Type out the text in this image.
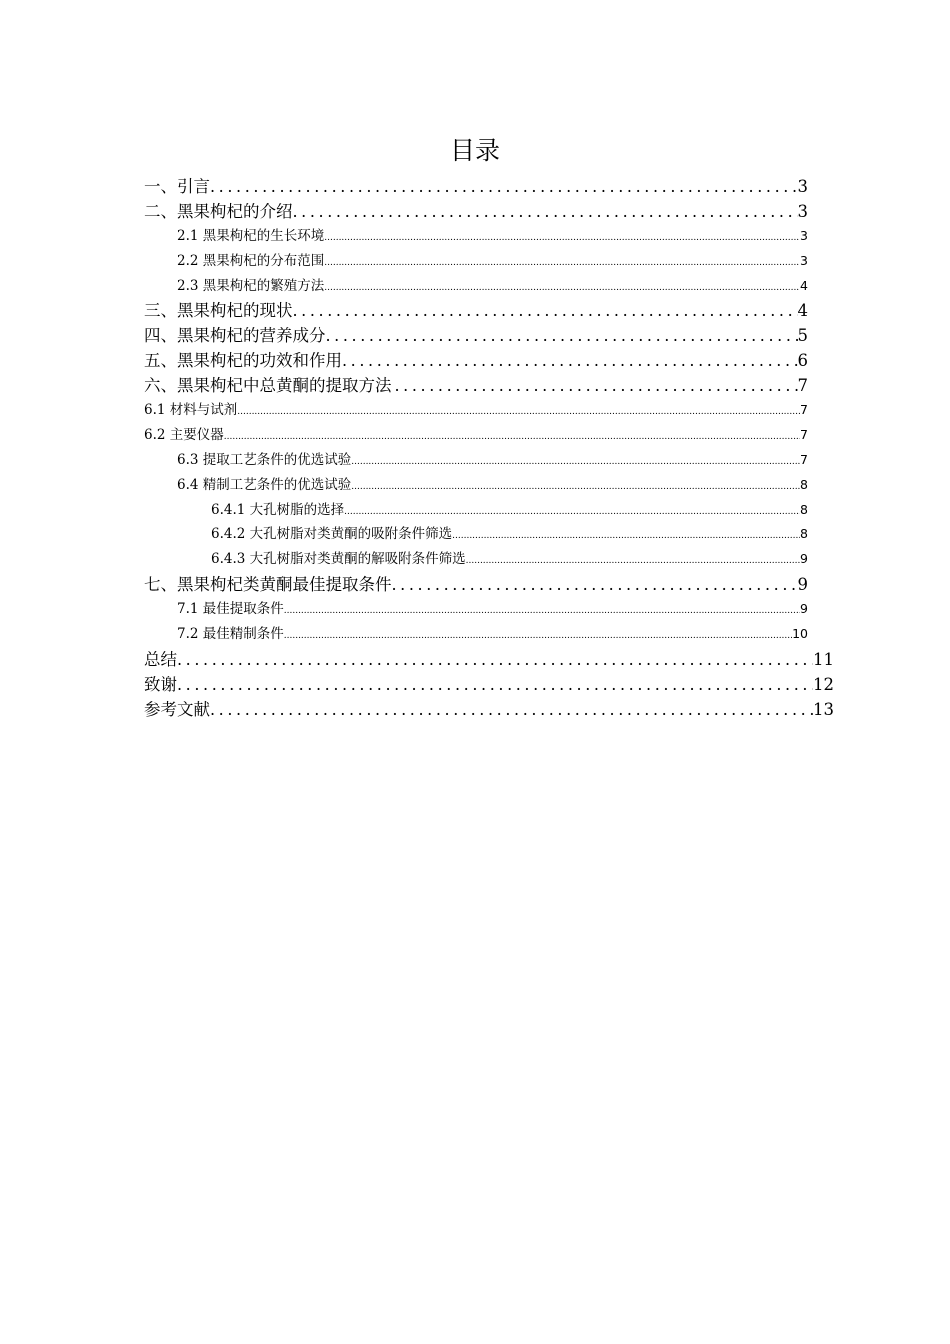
目录
一、引言 .....	3
二、黑果枸杞的介绍 .....	3
2.1 黑果枸杞的生长环境 .....	3
2.2 黑果枸杞的分布范围 .....	3
2.3 黑果枸杞的繁殖方法 .....	4
三、黑果枸杞的现状 .....	4
四、黑果枸杞的营养成分 .....	5
五、黑果枸杞的功效和作用 .....	6
六、黑果枸杞中总黄酮的提取方法 .....	7
6.1 材料与试剂 .....	7
6.2 主要仪器 .....	7
6.3 提取工艺条件的优选试验 .....	7
6.4 精制工艺条件的优选试验 .....	8
6.4.1 大孔树脂的选择 .....	8
6.4.2 大孔树脂对类黄酮的吸附条件筛选 .....	8
6.4.3 大孔树脂对类黄酮的解吸附条件筛选 .....	9
七、黑果枸杞类黄酮最佳提取条件 .....	9
7.1 最佳提取条件 .....	9
7.2 最佳精制条件 .....	10
总结 .....	11
致谢 .....	12
参考文献 .....	13
